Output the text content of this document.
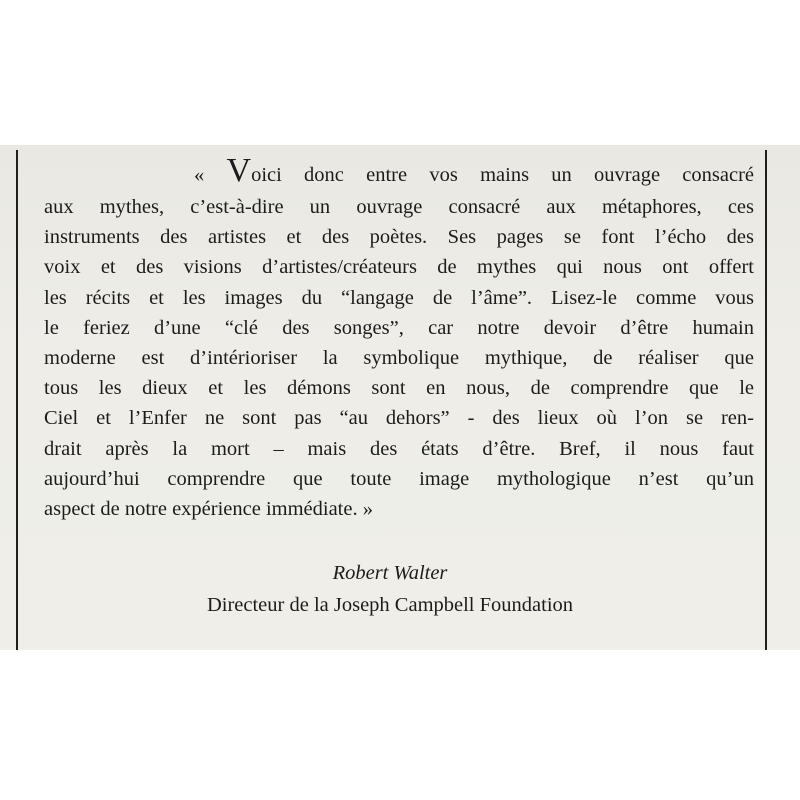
« Voici donc entre vos mains un ouvrage consacré
aux mythes, c’est-à-dire un ouvrage consacré aux métaphores, ces
instruments des artistes et des poètes. Ses pages se font l’écho des
voix et des visions d’artistes/créateurs de mythes qui nous ont offert
les récits et les images du “langage de l’âme”. Lisez-le comme vous
le feriez d’une “clé des songes”, car notre devoir d’être humain
moderne est d’intérioriser la symbolique mythique, de réaliser que
tous les dieux et les démons sont en nous, de comprendre que le
Ciel et l’Enfer ne sont pas “au dehors” - des lieux où l’on se ren-
drait après la mort – mais des états d’être. Bref, il nous faut
aujourd’hui comprendre que toute image mythologique n’est qu’un
aspect de notre expérience immédiate. »

Robert Walter

Directeur de la Joseph Campbell Foundation
